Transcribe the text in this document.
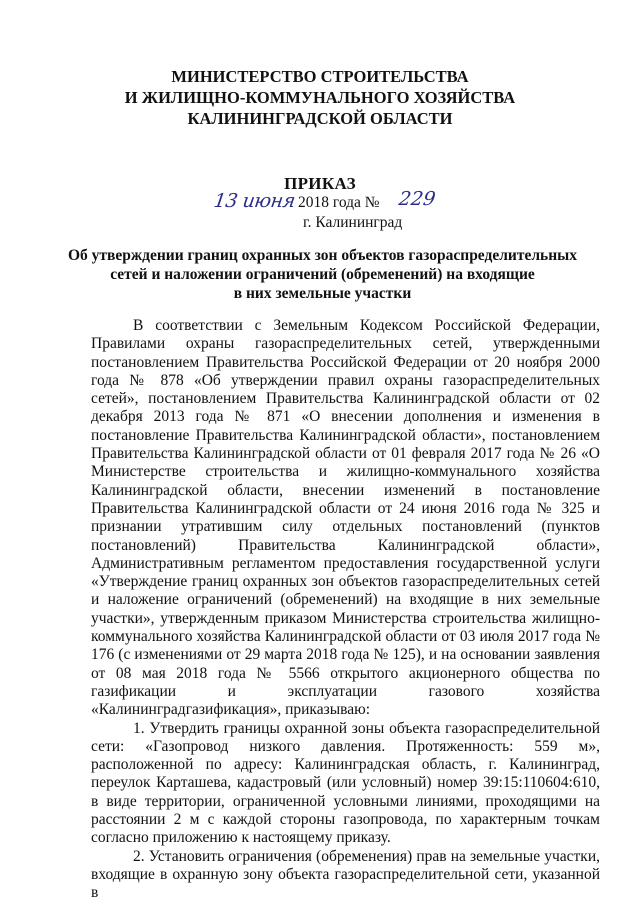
МИНИСТЕРСТВО СТРОИТЕЛЬСТВА
И ЖИЛИЩНО-КОММУНАЛЬНОГО ХОЗЯЙСТВА
КАЛИНИНГРАДСКОЙ ОБЛАСТИ
ПРИКАЗ
13 июня 2018 года № 229
г. Калининград
Об утверждении границ охранных зон объектов газораспределительных
сетей и наложении ограничений (обременений) на входящие
в них земельные участки

В соответствии с Земельным Кодексом Российской Федерации, Правилами охраны газораспределительных сетей, утвержденными постановлением Правительства Российской Федерации от 20 ноября 2000 года № 878 «Об утверждении правил охраны газораспределительных сетей», постановлением Правительства Калининградской области от 02 декабря 2013 года № 871 «О внесении дополнения и изменения в постановление Правительства Калининградской области», постановлением Правительства Калининградской области от 01 февраля 2017 года № 26 «О Министерстве строительства и жилищно-коммунального хозяйства Калининградской области, внесении изменений в постановление Правительства Калининградской области от 24 июня 2016 года № 325 и признании утратившим силу отдельных постановлений (пунктов постановлений) Правительства Калининградской области», Административным регламентом предоставления государственной услуги «Утверждение границ охранных зон объектов газораспределительных сетей и наложение ограничений (обременений) на входящие в них земельные участки», утвержденным приказом Министерства строительства жилищно-коммунального хозяйства Калининградской области от 03 июля 2017 года № 176 (с изменениями от 29 марта 2018 года № 125), и на основании заявления от 08 мая 2018 года № 5566 открытого акционерного общества по газификации и эксплуатации газового хозяйства «Калининградгазификация», приказываю:

1. Утвердить границы охранной зоны объекта газораспределительной сети: «Газопровод низкого давления. Протяженность: 559 м», расположенной по адресу: Калининградская область, г. Калининград, переулок Карташева, кадастровый (или условный) номер 39:15:110604:610, в виде территории, ограниченной условными линиями, проходящими на расстоянии 2 м с каждой стороны газопровода, по характерным точкам согласно приложению к настоящему приказу.

2. Установить ограничения (обременения) прав на земельные участки, входящие в охранную зону объекта газораспределительной сети, указанной в
